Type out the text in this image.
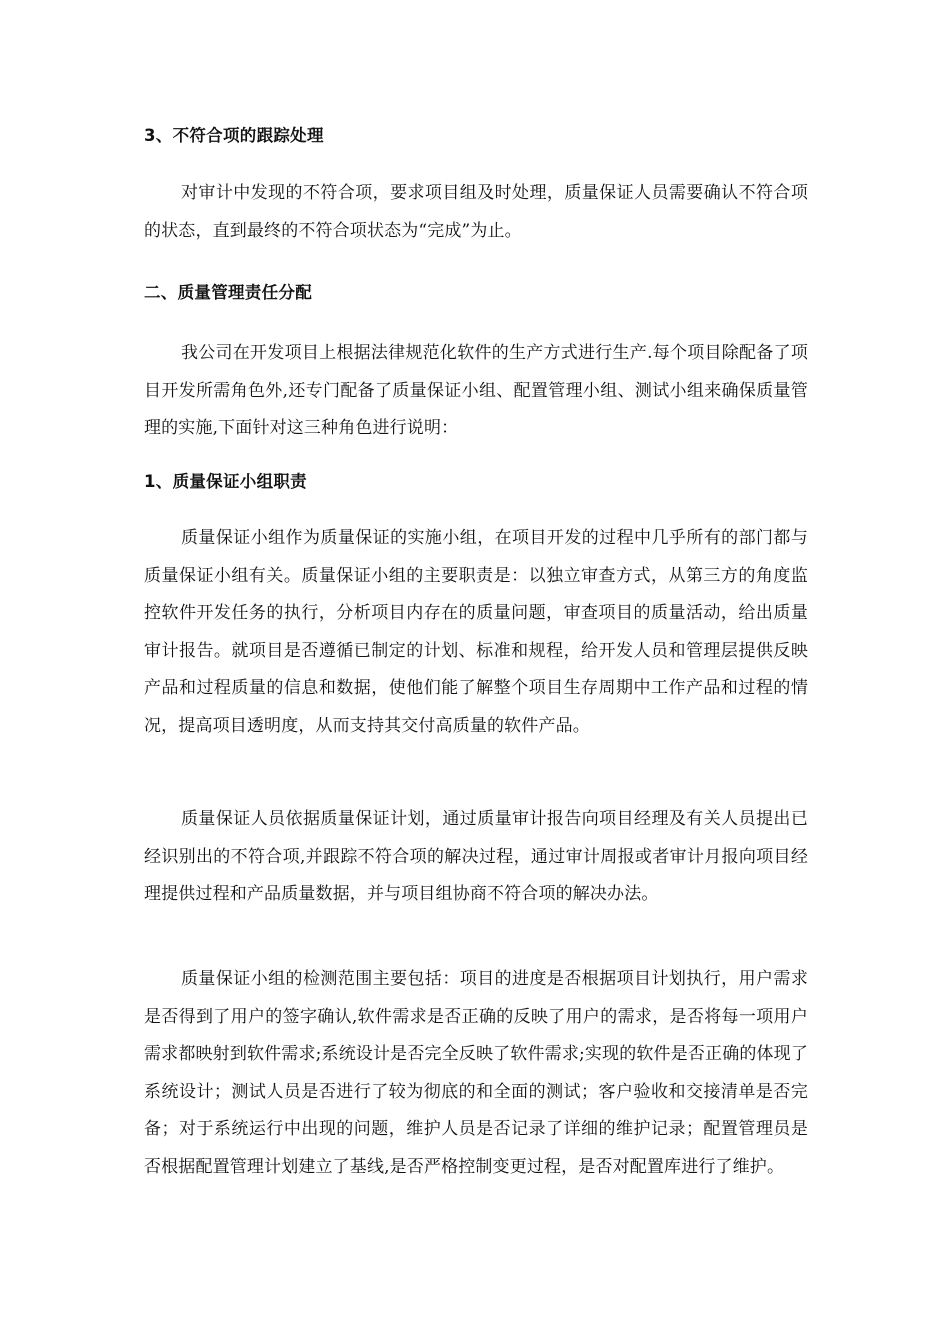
3、不符合项的跟踪处理
对审计中发现的不符合项，要求项目组及时处理，质量保证人员需要确认不符合项的状态，直到最终的不符合项状态为“完成”为止。
二、质量管理责任分配
我公司在开发项目上根据法律规范化软件的生产方式进行生产.每个项目除配备了项目开发所需角色外,还专门配备了质量保证小组、配置管理小组、测试小组来确保质量管理的实施,下面针对这三种角色进行说明：
1、质量保证小组职责
质量保证小组作为质量保证的实施小组，在项目开发的过程中几乎所有的部门都与质量保证小组有关。质量保证小组的主要职责是：以独立审查方式，从第三方的角度监控软件开发任务的执行，分析项目内存在的质量问题，审查项目的质量活动，给出质量审计报告。就项目是否遵循已制定的计划、标准和规程，给开发人员和管理层提供反映产品和过程质量的信息和数据，使他们能了解整个项目生存周期中工作产品和过程的情况，提高项目透明度，从而支持其交付高质量的软件产品。
质量保证人员依据质量保证计划，通过质量审计报告向项目经理及有关人员提出已经识别出的不符合项,并跟踪不符合项的解决过程，通过审计周报或者审计月报向项目经理提供过程和产品质量数据，并与项目组协商不符合项的解决办法。
质量保证小组的检测范围主要包括：项目的进度是否根据项目计划执行，用户需求是否得到了用户的签字确认,软件需求是否正确的反映了用户的需求，是否将每一项用户需求都映射到软件需求;系统设计是否完全反映了软件需求;实现的软件是否正确的体现了系统设计；测试人员是否进行了较为彻底的和全面的测试；客户验收和交接清单是否完备；对于系统运行中出现的问题，维护人员是否记录了详细的维护记录；配置管理员是否根据配置管理计划建立了基线,是否严格控制变更过程，是否对配置库进行了维护。
